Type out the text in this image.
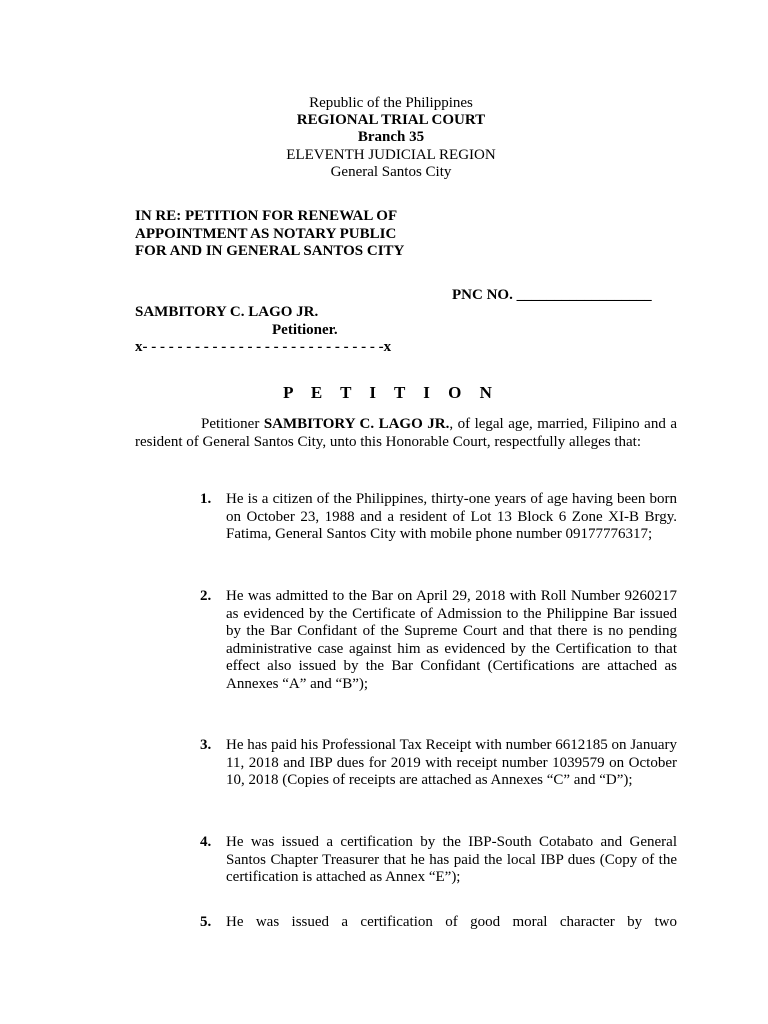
Republic of the Philippines
REGIONAL TRIAL COURT
Branch 35
ELEVENTH JUDICIAL REGION
General Santos City
IN RE: PETITION FOR RENEWAL OF
APPOINTMENT AS NOTARY PUBLIC
FOR AND IN GENERAL SANTOS CITY
PNC NO. __________________
SAMBITORY C. LAGO JR.
Petitioner.
x- - - - - - - - - - - - - - - - - - - - - - - - - - - -x
P E T I T I O N
Petitioner SAMBITORY C. LAGO JR., of legal age, married, Filipino and a resident of General Santos City, unto this Honorable Court, respectfully alleges that:
1. He is a citizen of the Philippines, thirty-one years of age having been born on October 23, 1988 and a resident of Lot 13 Block 6 Zone XI-B Brgy. Fatima, General Santos City with mobile phone number 09177776317;
2. He was admitted to the Bar on April 29, 2018 with Roll Number 9260217 as evidenced by the Certificate of Admission to the Philippine Bar issued by the Bar Confidant of the Supreme Court and that there is no pending administrative case against him as evidenced by the Certification to that effect also issued by the Bar Confidant (Certifications are attached as Annexes “A” and “B”);
3. He has paid his Professional Tax Receipt with number 6612185 on January 11, 2018 and IBP dues for 2019 with receipt number 1039579 on October 10, 2018 (Copies of receipts are attached as Annexes “C” and “D”);
4. He was issued a certification by the IBP-South Cotabato and General Santos Chapter Treasurer that he has paid the local IBP dues (Copy of the certification is attached as Annex “E”);
5. He was issued a certification of good moral character by two
